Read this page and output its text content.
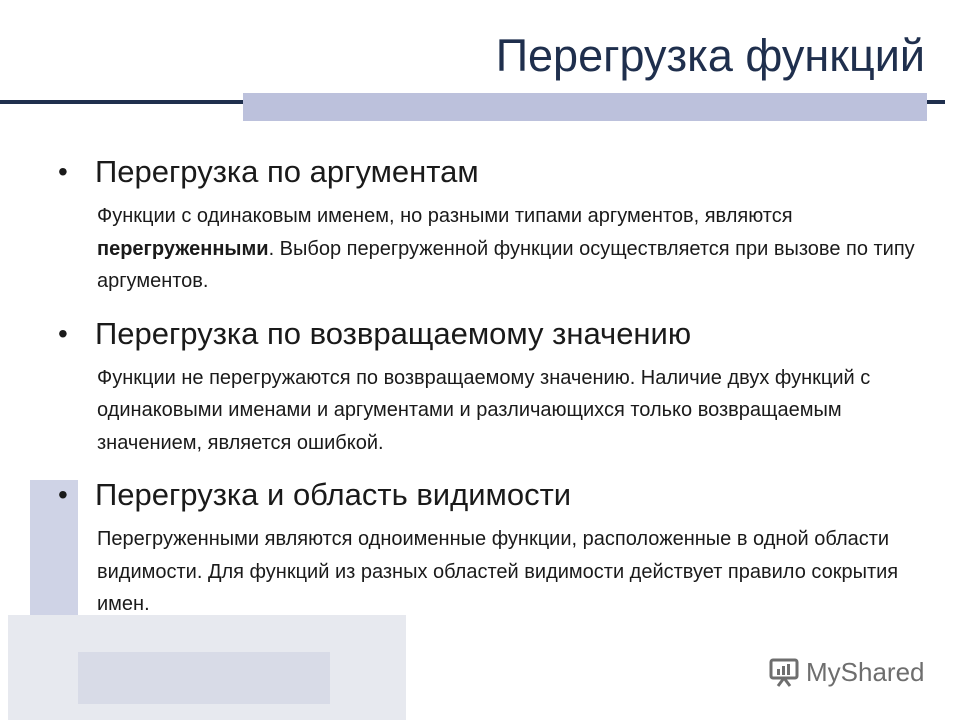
Перегрузка функций
• Перегрузка по аргументам
Функции с одинаковым именем, но разными типами аргументов, являются перегруженными. Выбор перегруженной функции осуществляется при вызове по типу аргументов.
• Перегрузка по возвращаемому значению
Функции не перегружаются по возвращаемому значению. Наличие двух функций с одинаковыми именами и аргументами и различающихся только возвращаемым значением, является ошибкой.
• Перегрузка и область видимости
Перегруженными являются одноименные функции, расположенные в одной области видимости. Для функций из разных областей видимости действует правило сокрытия имен.
MyShared
